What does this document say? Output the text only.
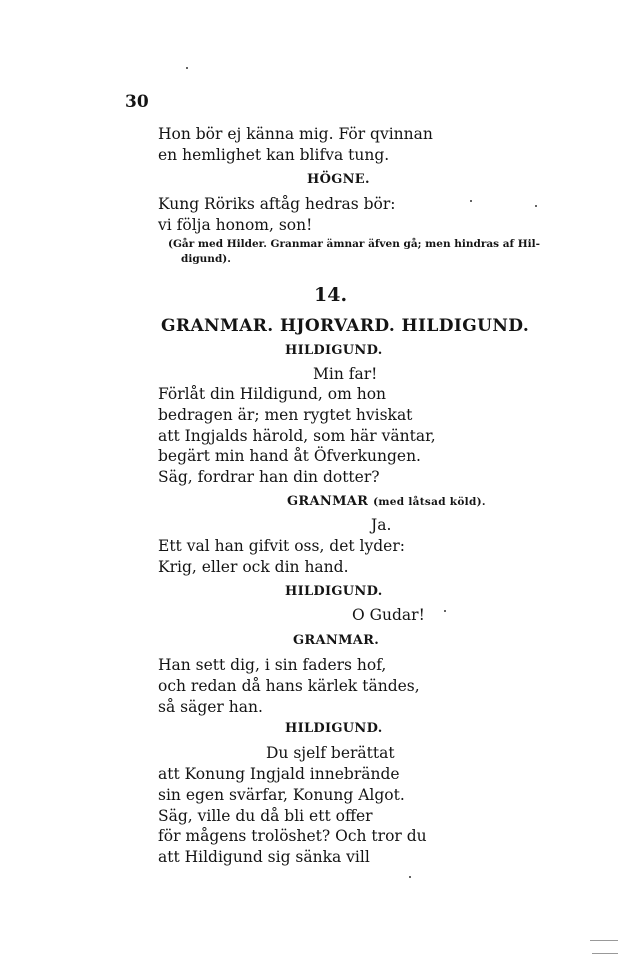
30
Hon bör ej känna mig. För qvinnan
en hemlighet kan blifva tung.
HÖGNE.
Kung Röriks aftåg hedras bör:
vi följa honom, son!
(Går med Hilder. Granmar ämnar äfven gå; men hindras af Hil-
digund).
14.
GRANMAR. HJORVARD. HILDIGUND.
HILDIGUND.
Min far!
Förlåt din Hildigund, om hon
bedragen är; men rygtet hviskat
att Ingjalds härold, som här väntar,
begärt min hand åt Öfverkungen.
Säg, fordrar han din dotter?
GRANMAR (med låtsad köld).
Ja.
Ett val han gifvit oss, det lyder:
Krig, eller ock din hand.
HILDIGUND.
O Gudar!
GRANMAR.
Han sett dig, i sin faders hof,
och redan då hans kärlek tändes,
så säger han.
HILDIGUND.
Du sjelf berättat
att Konung Ingjald innebrände
sin egen svärfar, Konung Algot.
Säg, ville du då bli ett offer
för mågens trolöshet? Och tror du
att Hildigund sig sänka vill
